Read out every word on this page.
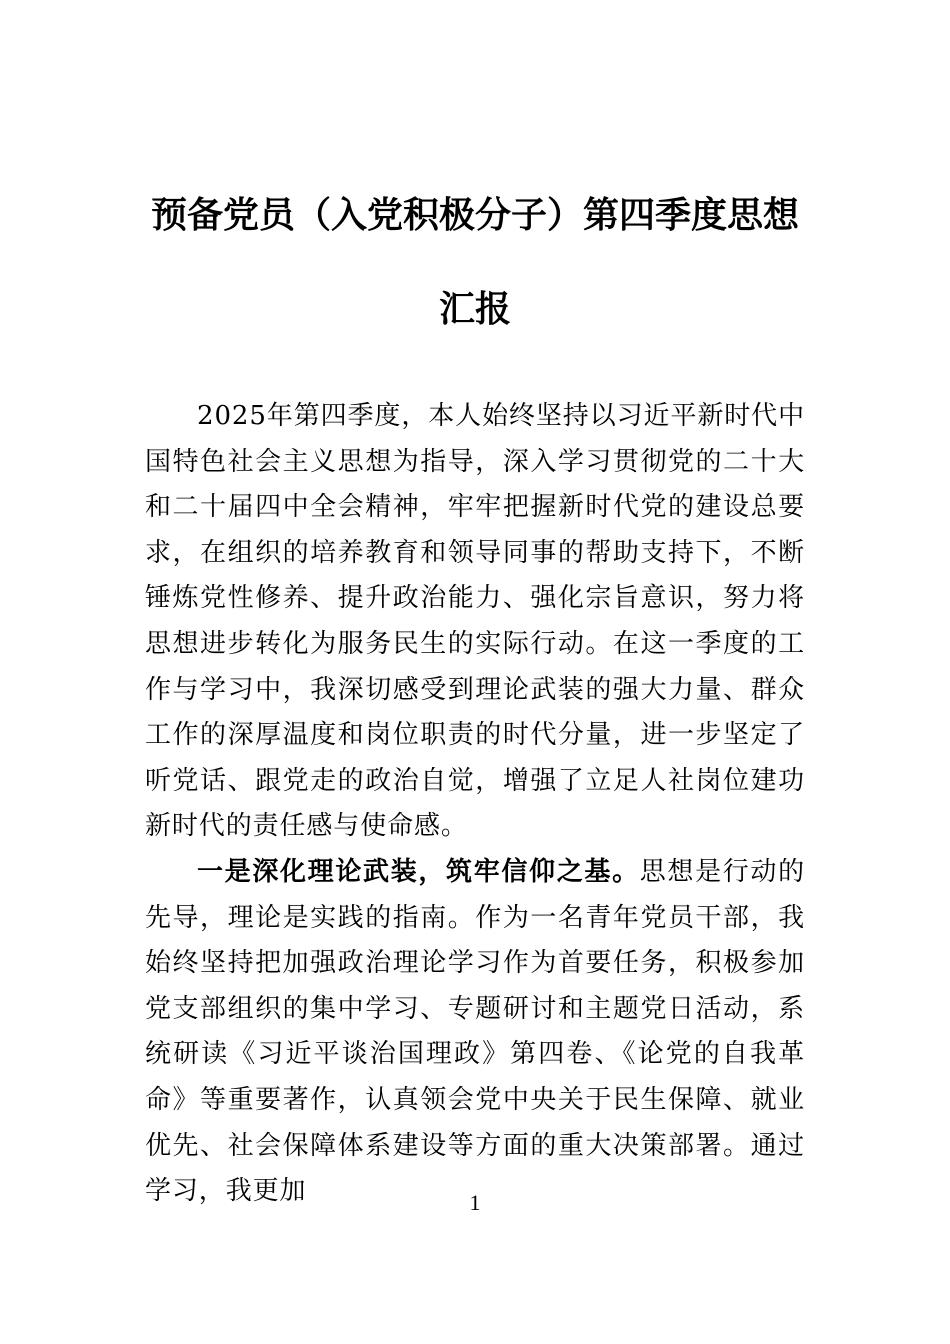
预备党员（入党积极分子）第四季度思想汇报

2025年第四季度，本人始终坚持以习近平新时代中国特色社会主义思想为指导，深入学习贯彻党的二十大和二十届四中全会精神，牢牢把握新时代党的建设总要求，在组织的培养教育和领导同事的帮助支持下，不断锤炼党性修养、提升政治能力、强化宗旨意识，努力将思想进步转化为服务民生的实际行动。在这一季度的工作与学习中，我深切感受到理论武装的强大力量、群众工作的深厚温度和岗位职责的时代分量，进一步坚定了听党话、跟党走的政治自觉，增强了立足人社岗位建功新时代的责任感与使命感。

一是深化理论武装，筑牢信仰之基。思想是行动的先导，理论是实践的指南。作为一名青年党员干部，我始终坚持把加强政治理论学习作为首要任务，积极参加党支部组织的集中学习、专题研讨和主题党日活动，系统研读《习近平谈治国理政》第四卷、《论党的自我革命》等重要著作，认真领会党中央关于民生保障、就业优先、社会保障体系建设等方面的重大决策部署。通过学习，我更加	1
